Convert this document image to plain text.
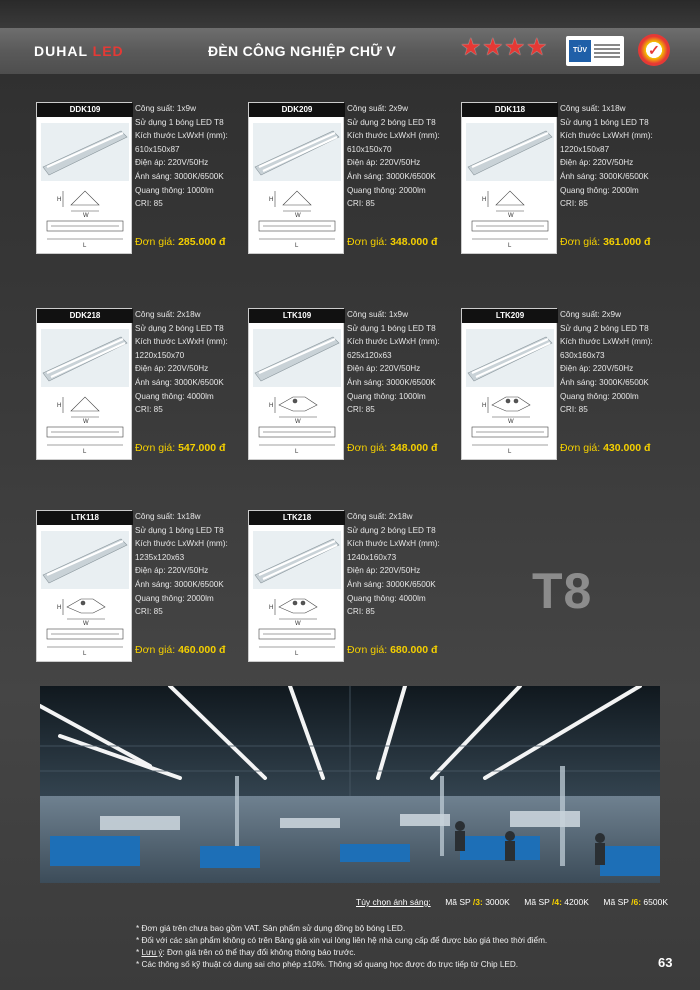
DUHAL LED	ĐÈN CÔNG NGHIỆP CHỮ V	★ ★ ★ ★	TÜV	✓
DDK109
H
W
L
Công suất: 1x9w
Sử dụng 1 bóng LED T8
Kích thước LxWxH (mm):
610x150x87
Điện áp: 220V/50Hz
Ánh sáng: 3000K/6500K
Quang thông: 1000lm
CRI: 85
Đơn giá: 285.000 đ
DDK209
H
W
L
Công suất: 2x9w
Sử dụng 2 bóng LED T8
Kích thước LxWxH (mm):
610x150x70
Điện áp: 220V/50Hz
Ánh sáng: 3000K/6500K
Quang thông: 2000lm
CRI: 85
Đơn giá: 348.000 đ
DDK118
H
W
L
Công suất: 1x18w
Sử dụng 1 bóng LED T8
Kích thước LxWxH (mm):
1220x150x87
Điện áp: 220V/50Hz
Ánh sáng: 3000K/6500K
Quang thông: 2000lm
CRI: 85
Đơn giá: 361.000 đ
DDK218
H
W
L
Công suất: 2x18w
Sử dụng 2 bóng LED T8
Kích thước LxWxH (mm):
1220x150x70
Điện áp: 220V/50Hz
Ánh sáng: 3000K/6500K
Quang thông: 4000lm
CRI: 85
Đơn giá: 547.000 đ
LTK109
H
W
L
Công suất: 1x9w
Sử dụng 1 bóng LED T8
Kích thước LxWxH (mm):
625x120x63
Điện áp: 220V/50Hz
Ánh sáng: 3000K/6500K
Quang thông: 1000lm
CRI: 85
Đơn giá: 348.000 đ
LTK209
H
W
L
Công suất: 2x9w
Sử dụng 2 bóng LED T8
Kích thước LxWxH (mm):
630x160x73
Điện áp: 220V/50Hz
Ánh sáng: 3000K/6500K
Quang thông: 2000lm
CRI: 85
Đơn giá: 430.000 đ
LTK118
H
W
L
Công suất: 1x18w
Sử dụng 1 bóng LED T8
Kích thước LxWxH (mm):
1235x120x63
Điện áp: 220V/50Hz
Ánh sáng: 3000K/6500K
Quang thông: 2000lm
CRI: 85
Đơn giá: 460.000 đ
LTK218
H
W
L
Công suất: 2x18w
Sử dụng 2 bóng LED T8
Kích thước LxWxH (mm):
1240x160x73
Điện áp: 220V/50Hz
Ánh sáng: 3000K/6500K
Quang thông: 4000lm
CRI: 85
Đơn giá: 680.000 đ
T8
Tùy chọn ánh sáng: Mã SP /3: 3000K Mã SP /4: 4200K Mã SP /6: 6500K
* Đơn giá trên chưa bao gồm VAT. Sản phẩm sử dụng đồng bộ bóng LED.
* Đối với các sản phẩm không có trên Bảng giá xin vui lòng liên hệ nhà cung cấp để được báo giá theo thời điểm.
* Lưu ý: Đơn giá trên có thể thay đổi không thông báo trước.
* Các thông số kỹ thuật có dung sai cho phép ±10%. Thông số quang học được đo trực tiếp từ Chip LED.	63
